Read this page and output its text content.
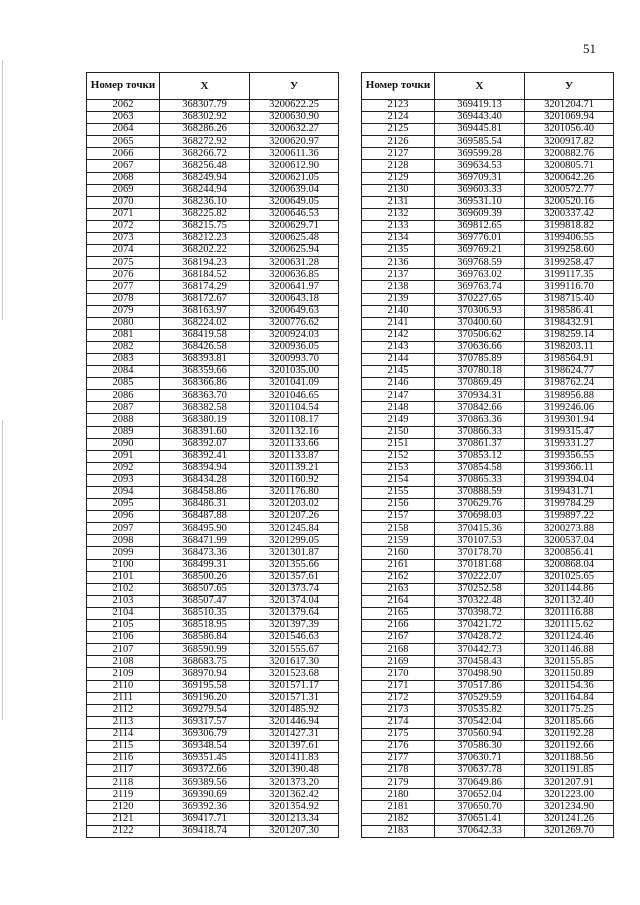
51
Номер точки	X	У
2062	368307.79	3200622.25
2063	368302.92	3200630.90
2064	368286.26	3200632.27
2065	368272.92	3200620.97
2066	368266.72	3200611.36
2067	368256.48	3200612.90
2068	368249.94	3200621.05
2069	368244.94	3200639.04
2070	368236.10	3200649.05
2071	368225.82	3200646.53
2072	368215.75	3200629.71
2073	368212.23	3200625.48
2074	368202.22	3200625.94
2075	368194.23	3200631.28
2076	368184.52	3200636.85
2077	368174.29	3200641.97
2078	368172.67	3200643.18
2079	368163.97	3200649.63
2080	368224.02	3200776.62
2081	368419.58	3200924.03
2082	368426.58	3200936.05
2083	368393.81	3200993.70
2084	368359.66	3201035.00
2085	368366.86	3201041.09
2086	368363.70	3201046.65
2087	368382.58	3201104.54
2088	368380.19	3201108.17
2089	368391.60	3201132.16
2090	368392.07	3201133.66
2091	368392.41	3201133.87
2092	368394.94	3201139.21
2093	368434.28	3201160.92
2094	368458.86	3201176.80
2095	368486.31	3201203.02
2096	368487.88	3201207.26
2097	368495.90	3201245.84
2098	368471.99	3201299.05
2099	368473.36	3201301.87
2100	368499.31	3201355.66
2101	368500.26	3201357.61
2102	368507.65	3201373.74
2103	368507.47	3201374.04
2104	368510.35	3201379.64
2105	368518.95	3201397.39
2106	368586.84	3201546.63
2107	368590.99	3201555.67
2108	368683.75	3201617.30
2109	368970.94	3201523.68
2110	369195.58	3201571.17
2111	369196.20	3201571.31
2112	369279.54	3201485.92
2113	369317.57	3201446.94
2114	369306.79	3201427.31
2115	369348.54	3201397.61
2116	369351.45	3201411.83
2117	369372.66	3201390.48
2118	369389.56	3201373.20
2119	369390.69	3201362.42
2120	369392.36	3201354.92
2121	369417.71	3201213.34
2122	369418.74	3201207.30
Номер точки	X	У
2123	369419.13	3201204.71
2124	369443.40	3201069.94
2125	369445.81	3201056.40
2126	369585.54	3200917.82
2127	369599.28	3200882.76
2128	369634.53	3200805.71
2129	369709.31	3200642.26
2130	369603.33	3200572.77
2131	369531.10	3200520.16
2132	369609.39	3200337.42
2133	369812.65	3199818.82
2134	369776.01	3199406.55
2135	369769.21	3199258.60
2136	369768.59	3199258.47
2137	369763.02	3199117.35
2138	369763.74	3199116.70
2139	370227.65	3198715.40
2140	370306.93	3198586.41
2141	370400.60	3198432.91
2142	370506.62	3198259.14
2143	370636.66	3198203.11
2144	370785.89	3198564.91
2145	370780.18	3198624.77
2146	370869.49	3198762.24
2147	370934.31	3198956.88
2148	370842.66	3199246.06
2149	370863.36	3199301.94
2150	370866.33	3199315.47
2151	370861.37	3199331.27
2152	370853.12	3199356.55
2153	370854.58	3199366.11
2154	370865.33	3199394.04
2155	370888.59	3199431.71
2156	370629.76	3199784.29
2157	370698.03	3199897.22
2158	370415.36	3200273.88
2159	370107.53	3200537.04
2160	370178.70	3200856.41
2161	370181.68	3200868.04
2162	370222.07	3201025.65
2163	370252.58	3201144.86
2164	370322.48	3201132.40
2165	370398.72	3201116.88
2166	370421.72	3201115.62
2167	370428.72	3201124.46
2168	370442.73	3201146.88
2169	370458.43	3201155.85
2170	370498.90	3201150.89
2171	370517.86	3201154.36
2172	370529.59	3201164.84
2173	370535.82	3201175.25
2174	370542.04	3201185.66
2175	370560.94	3201192.28
2176	370586.30	3201192.66
2177	370630.71	3201188.56
2178	370637.78	3201191.85
2179	370649.86	3201207.91
2180	370652.04	3201223.00
2181	370650.70	3201234.90
2182	370651.41	3201241.26
2183	370642.33	3201269.70
